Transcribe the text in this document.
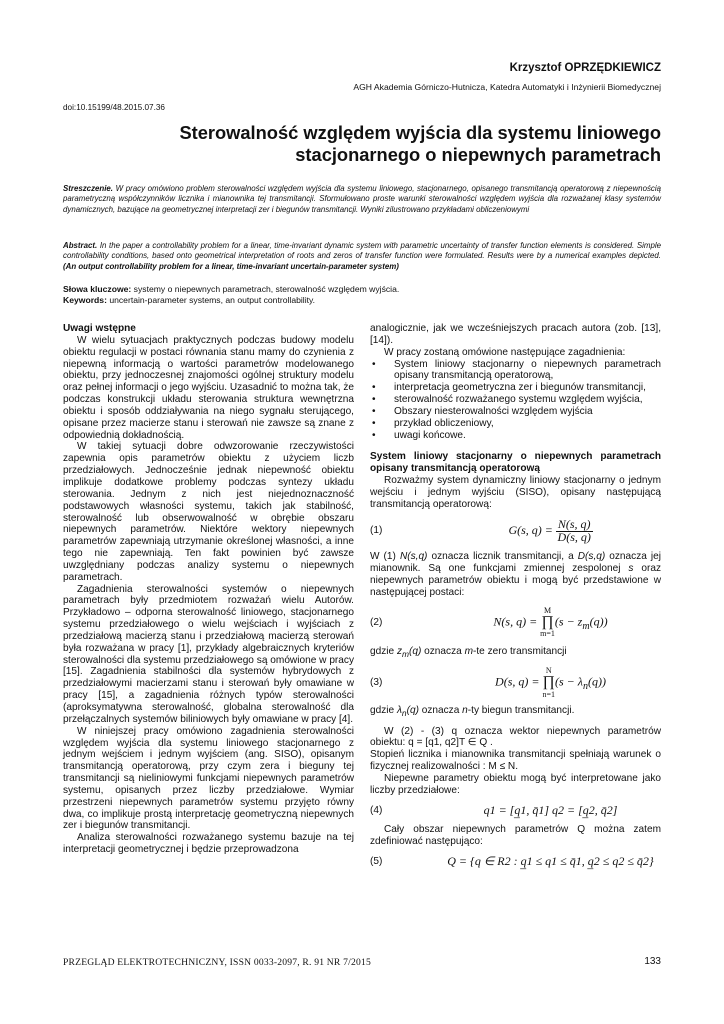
Krzysztof OPRZĘDKIEWICZ
AGH Akademia Górniczo-Hutnicza, Katedra Automatyki i Inżynierii Biomedycznej
doi:10.15199/48.2015.07.36
Sterowalność względem wyjścia dla systemu liniowego
stacjonarnego o niepewnych parametrach
Streszczenie. W pracy omówiono problem sterowalności względem wyjścia dla systemu liniowego, stacjonarnego, opisanego transmitancją operatorową z niepewnością parametryczną współczynników licznika i mianownika tej transmitancji. Sformułowano proste warunki sterowalności względem wyjścia dla rozważanej klasy systemów dynamicznych, bazujące na geometrycznej interpretacji zer i biegunów transmitancji. Wyniki zilustrowano przykładami obliczeniowymi
Abstract. In the paper a controllability problem for a linear, time-invariant dynamic system with parametric uncertainty of transfer function elements is considered. Simple controllability conditions, based onto geometrical interpretation of roots and zeros of transfer function were formulated. Results were by a numerical examples depicted. (An output controllability problem for a linear, time-invariant uncertain-parameter system)
Słowa kluczowe: systemy o niepewnych parametrach, sterowalność względem wyjścia.
Keywords: uncertain-parameter systems, an output controllability.

Uwagi wstępne

W wielu sytuacjach praktycznych podczas budowy modelu obiektu regulacji w postaci równania stanu mamy do czynienia z niepewną informacją o wartości parametrów modelowanego obiektu, przy jednoczesnej znajomości ogólnej struktury modelu oraz pełnej informacji o jego wyjściu. Uzasadnić to można tak, że podczas konstrukcji układu sterowania struktura wewnętrzna obiektu i sposób oddziaływania na niego sygnału sterującego, opisane przez macierze stanu i sterowań nie zawsze są znane z odpowiednią dokładnością.

W takiej sytuacji dobre odwzorowanie rzeczywistości zapewnia opis parametrów obiektu z użyciem liczb przedziałowych. Jednocześnie jednak niepewność obiektu implikuje dodatkowe problemy podczas syntezy układu sterowania. Jednym z nich jest niejednoznaczność podstawowych własności systemu, takich jak stabilność, sterowalność lub obserwowalność w obrębie obszaru niepewnych parametrów. Niektóre wektory niepewnych parametrów zapewniają utrzymanie określonej własności, a inne tego nie zapewniają. Ten fakt powinien być zawsze uwzględniany podczas analizy systemu o niepewnych parametrach.

Zagadnienia sterowalności systemów o niepewnych parametrach były przedmiotem rozważań wielu Autorów. Przykładowo – odporna sterowalność liniowego, stacjonarnego systemu przedziałowego o wielu wejściach i wyjściach z przedziałową macierzą stanu i przedziałową macierzą sterowań była rozważana w pracy [1], przykłady algebraicznych kryteriów sterowalności dla systemu przedziałowego są omówione w pracy [15]. Zagadnienia stabilności dla systemów hybrydowych z przedziałowymi macierzami stanu i sterowań były omawiane w pracy [15], a zagadnienia różnych typów sterowalności (aproksymatywna sterowalność, globalna sterowalność dla przełączalnych systemów biliniowych były omawiane w pracy [4].

W niniejszej pracy omówiono zagadnienia sterowalności względem wyjścia dla systemu liniowego stacjonarnego z jednym wejściem i jednym wyjściem (ang. SISO), opisanym transmitancją operatorową, przy czym zera i bieguny tej transmitancji są nieliniowymi funkcjami niepewnych parametrów systemu, opisanych przez liczby przedziałowe. Wymiar przestrzeni niepewnych parametrów systemu przyjęto równy dwa, co implikuje prostą interpretację geometryczną niepewnych zer i biegunów transmitancji.

Analiza sterowalności rozważanego systemu bazuje na tej interpretacji geometrycznej i będzie przeprowadzona

analogicznie, jak we wcześniejszych pracach autora (zob. [13], [14]).

W pracy zostaną omówione następujące zagadnienia:

• System liniowy stacjonarny o niepewnych parametrach opisany transmitancją operatorową,
• interpretacja geometryczna zer i biegunów transmitancji,
• sterowalność rozważanego systemu względem wyjścia,
• Obszary niesterowalności względem wyjścia
• przykład obliczeniowy,
• uwagi końcowe.

System liniowy stacjonarny o niepewnych parametrach opisany transmitancją operatorową

Rozważmy system dynamiczny liniowy stacjonarny o jednym wejściu i jednym wyjściu (SISO), opisany następującą transmitancją operatorową:

(1)	G(s, $q) = \frac{N(s, q)}{D(s, q)}$

W (1) N(s,q) oznacza licznik transmitancji, a D(s,q) oznacza jej mianownik. Są one funkcjami zmiennej zespolonej s oraz niepewnych parametrów obiektu i mogą być przedstawione w następującej postaci:

(2)	N(s, q) =
M
∏
m=1
$(s - z_m(q))$

gdzie $z_m(q)$ oznacza m-te zero transmitancji

(3)	D(s, q) =
N
∏
n=1
$(s - \lambda_n(q))$

gdzie $\lambda_n(q)$ oznacza n-ty biegun transmitancji.

W (2) - (3) q oznacza wektor niepewnych parametrów obiektu: q = [q1, q2]T ∈ Q .

Stopień licznika i mianownika transmitancji spełniają warunek o fizycznej realizowalności : M ≤ N.

Niepewne parametry obiektu mogą być interpretowane jako liczby przedziałowe:

(4)	q1 = [q̲1, q̄1] q2 = [q̲2, q̄2]

Cały obszar niepewnych parametrów Q można zatem zdefiniować następująco:

(5)	Q = {q ∈ R2 : q̲1 ≤ q1 ≤ q̄1, q̲2 ≤ q2 ≤ q̄2}
PRZEGLĄD ELEKTROTECHNICZNY, ISSN 0033-2097, R. 91 NR 7/2015	133
